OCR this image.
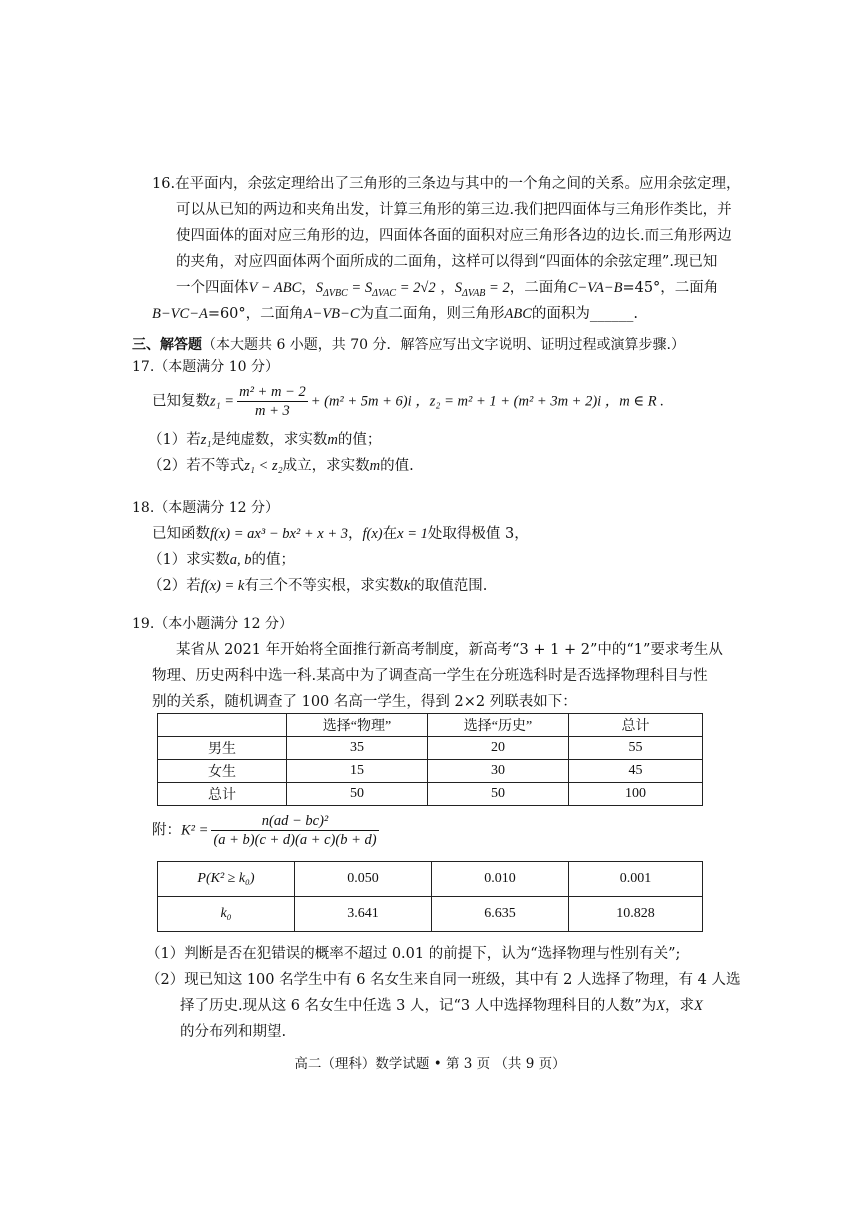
16.在平面内，余弦定理给出了三角形的三条边与其中的一个角之间的关系。应用余弦定理，
可以从已知的两边和夹角出发，计算三角形的第三边.我们把四面体与三角形作类比，并
使四面体的面对应三角形的边，四面体各面的面积对应三角形各边的边长.而三角形两边
的夹角，对应四面体两个面所成的二面角，这样可以得到“四面体的余弦定理”.现已知
一个四面体V − ABC，$S_{\Delta VBC} = S_{\Delta VAC} = 2√2$ ，$S_{\Delta VAB} = 2$，二面角C−VA−B=45°，二面角
B−VC−A=60°，二面角A−VB−C为直二面角，则三角形ABC的面积为______.
三、解答题（本大题共 6 小题，共 70 分．解答应写出文字说明、证明过程或演算步骤.）
17.（本题满分 10 分）
已知复数$z_1 = \frac{\text{m² + m − 2}}{m + 3} + (m^2 + 5m + 6)i$ ，z₂ = m² + 1 + (m² + 3m + 2)i ，m ∈ R .
（1）若z₁是纯虚数，求实数m的值；
（2）若不等式z₁ < z₂成立，求实数m的值.
18.（本题满分 12 分）
已知函数f(x) = ax³ − bx² + x + 3，f(x)在x = 1处取得极值 3，
（1）求实数a, b的值；
（2）若f(x) = k有三个不等实根，求实数k的取值范围.
19.（本小题满分 12 分）
某省从 2021 年开始将全面推行新高考制度，新高考“3 + 1 + 2”中的“1”要求考生从
物理、历史两科中选一科.某高中为了调查高一学生在分班选科时是否选择物理科目与性
别的关系，随机调查了 100 名高一学生，得到 2×2 列联表如下：
	选择“物理”	选择“历史”	总计
男生	35	20	55
女生	15	30	45
总计	50	50	100
附：$K^2 = \frac{\text{n(ad − bc)²}}{(a + b)(c + d)(a + c)(b + d)}$
P(K² ≥ k₀)	0.050	0.010	0.001
k₀	3.641	6.635	10.828
（1）判断是否在犯错误的概率不超过 0.01 的前提下，认为“选择物理与性别有关”;
（2）现已知这 100 名学生中有 6 名女生来自同一班级，其中有 2 人选择了物理，有 4 人选
择了历史.现从这 6 名女生中任选 3 人，记“3 人中选择物理科目的人数”为X，求X
的分布列和期望.
高二（理科）数学试题 • 第 3 页 （共 9 页）
